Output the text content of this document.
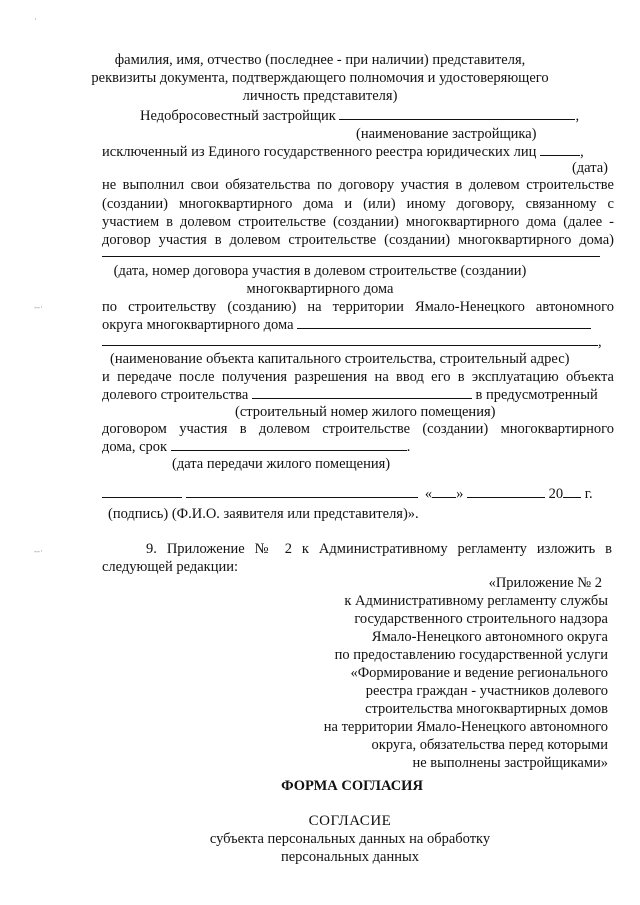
·
‑‑·
‑‑·
фамилия, имя, отчество (последнее - при наличии) представителя,
реквизиты документа, подтверждающего полномочия и удостоверяющего
личность представителя)
Недобросовестный застройщик	,
(наименование застройщика)
исключенный из Единого государственного реестра юридических лиц	,
(дата)
не выполнил свои обязательства по договору участия в долевом строительстве
(создании) многоквартирного дома и (или) иному договору, связанному с
участием в долевом строительстве (создании) многоквартирного дома (далее -
договор участия в долевом строительстве (создании) многоквартирного дома)
(дата, номер договора участия в долевом строительстве (создании)
многоквартирного дома
по строительству (созданию) на территории Ямало-Ненецкого автономного
округа многоквартирного дома
,
(наименование объекта капитального строительства, строительный адрес)
и передаче после получения разрешения на ввод его в эксплуатацию объекта
долевого строительства	в предусмотренный
(строительный номер жилого помещения)
договором участия в долевом строительстве (создании) многоквартирного
дома, срок	.
(дата передачи жилого помещения)
« »	20 г.
(подпись) (Ф.И.О. заявителя или представителя)».
9. Приложение № 2 к Административному регламенту изложить в
следующей редакции:
«Приложение № 2
к Административному регламенту службы
государственного строительного надзора
Ямало-Ненецкого автономного округа
по предоставлению государственной услуги
«Формирование и ведение регионального
реестра граждан - участников долевого
строительства многоквартирных домов
на территории Ямало-Ненецкого автономного
округа, обязательства перед которыми
не выполнены застройщиками»
ФОРМА СОГЛАСИЯ
СОГЛАСИЕ
субъекта персональных данных на обработку
персональных данных
